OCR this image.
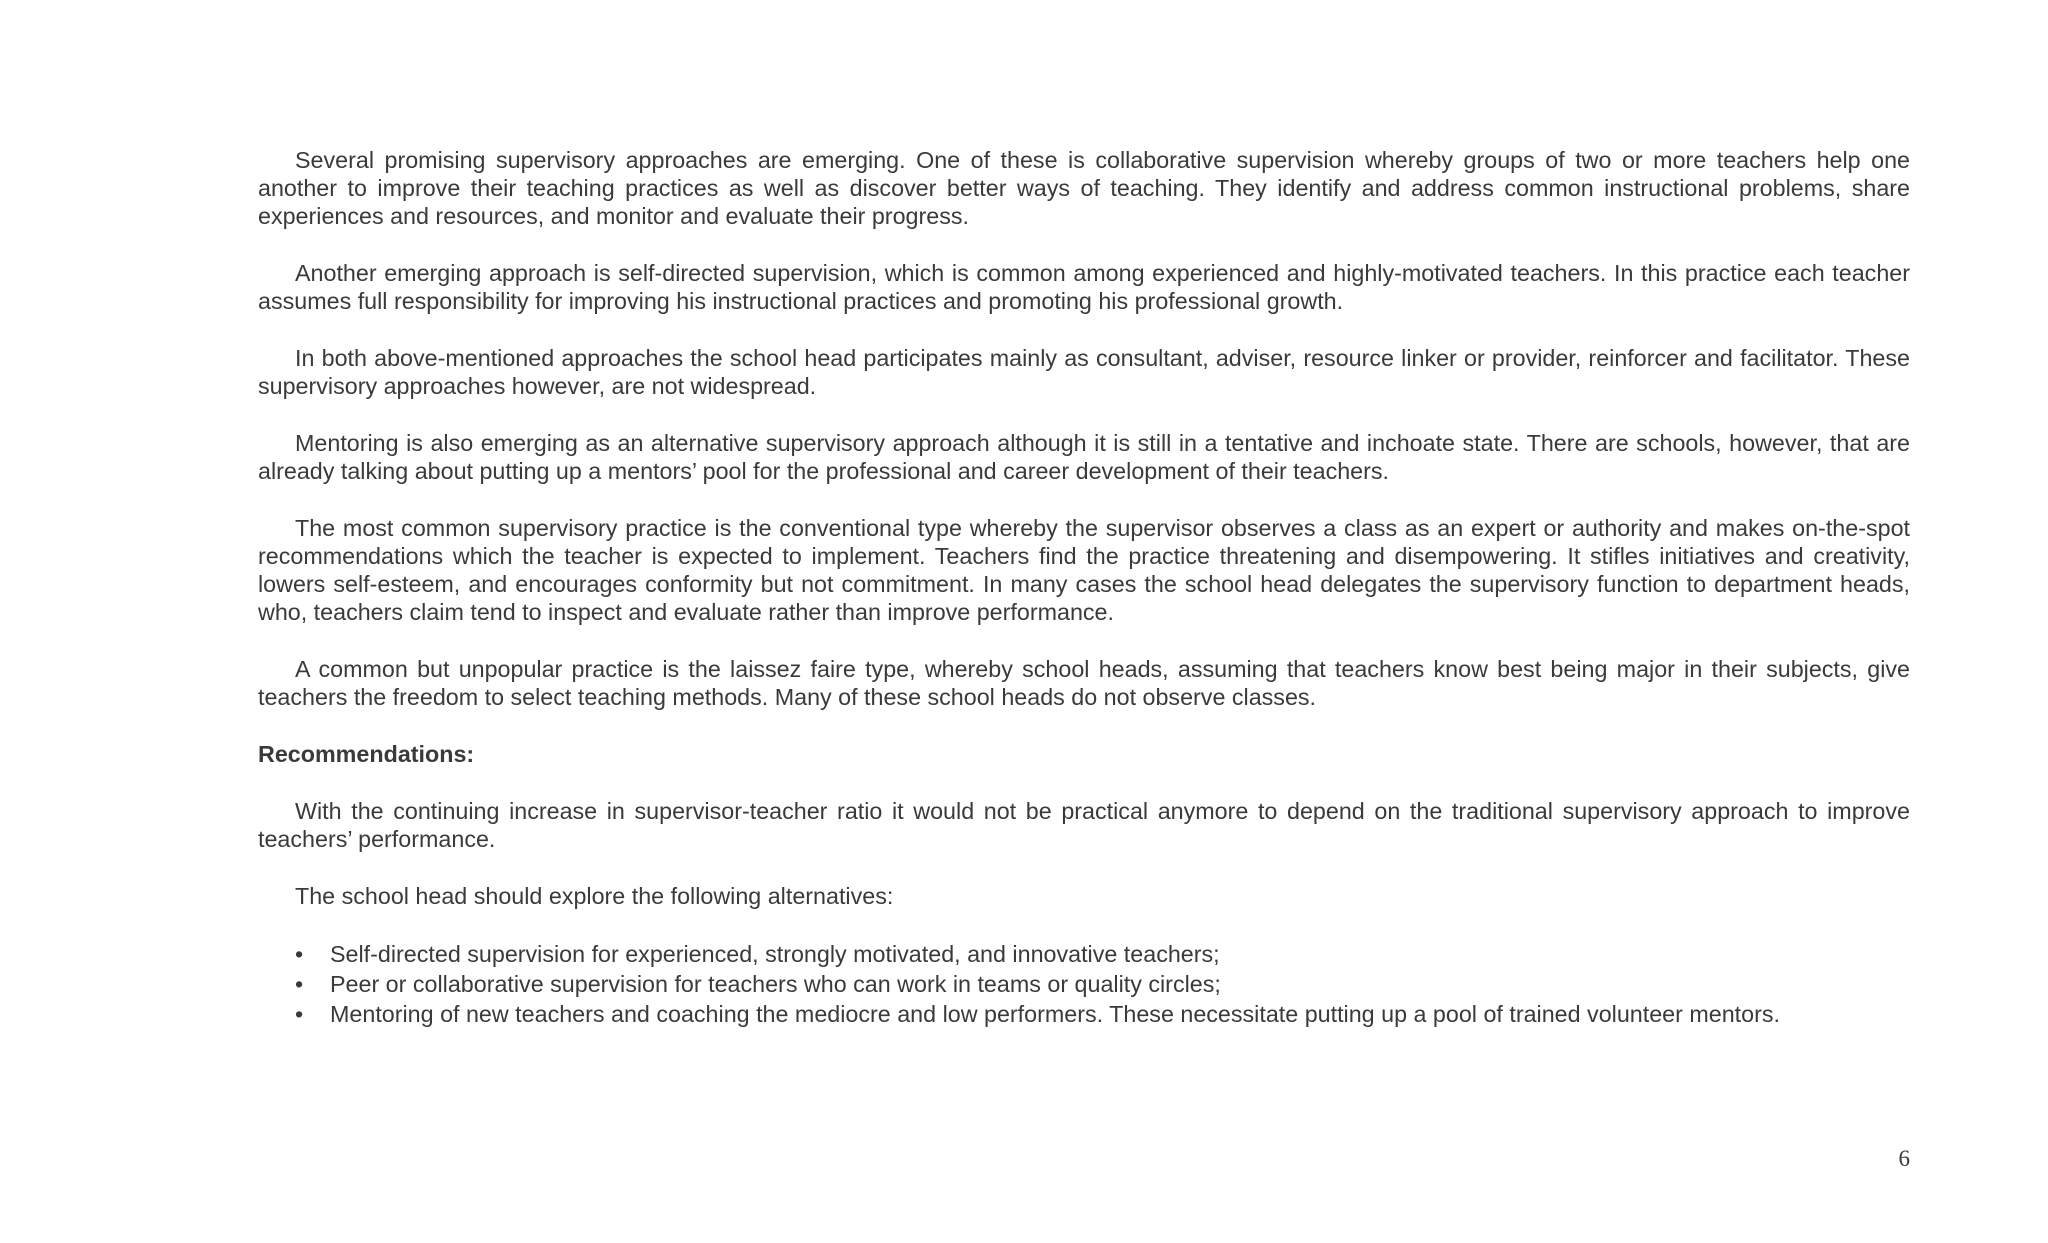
Several promising supervisory approaches are emerging. One of these is collaborative supervision whereby groups of two or more teachers help one another to improve their teaching practices as well as discover better ways of teaching. They identify and address common instructional problems, share experiences and resources, and monitor and evaluate their progress.

Another emerging approach is self-directed supervision, which is common among experienced and highly-motivated teachers. In this practice each teacher assumes full responsibility for improving his instructional practices and promoting his professional growth.

In both above-mentioned approaches the school head participates mainly as consultant, adviser, resource linker or provider, reinforcer and facilitator. These supervisory approaches however, are not widespread.

Mentoring is also emerging as an alternative supervisory approach although it is still in a tentative and inchoate state. There are schools, however, that are already talking about putting up a mentors’ pool for the professional and career development of their teachers.

The most common supervisory practice is the conventional type whereby the supervisor observes a class as an expert or authority and makes on-the-spot recommendations which the teacher is expected to implement. Teachers find the practice threatening and disempowering. It stifles initiatives and creativity, lowers self-esteem, and encourages conformity but not commitment. In many cases the school head delegates the supervisory function to department heads, who, teachers claim tend to inspect and evaluate rather than improve performance.

A common but unpopular practice is the laissez faire type, whereby school heads, assuming that teachers know best being major in their subjects, give teachers the freedom to select teaching methods. Many of these school heads do not observe classes.

Recommendations:

With the continuing increase in supervisor-teacher ratio it would not be practical anymore to depend on the traditional supervisory approach to improve teachers’ performance.

The school head should explore the following alternatives:

• Self-directed supervision for experienced, strongly motivated, and innovative teachers;
• Peer or collaborative supervision for teachers who can work in teams or quality circles;
• Mentoring of new teachers and coaching the mediocre and low performers. These necessitate putting up a pool of trained volunteer mentors.
6
